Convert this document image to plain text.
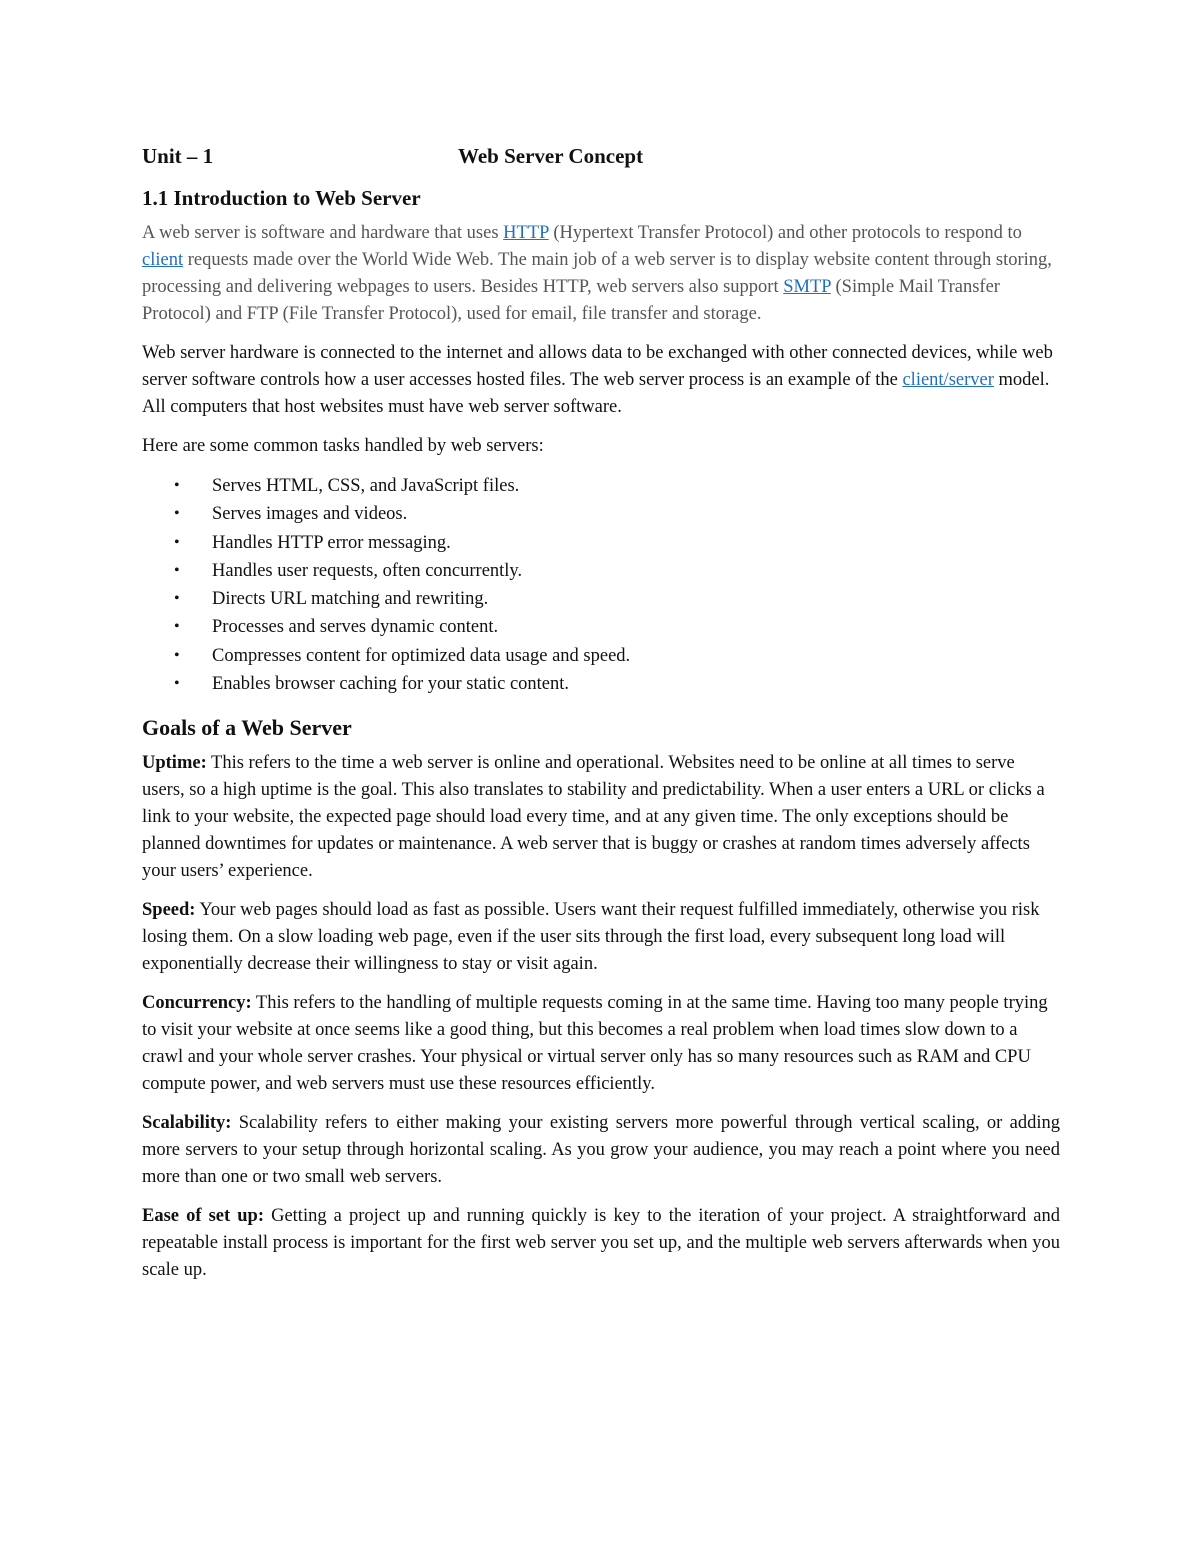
Unit – 1	Web Server Concept
1.1 Introduction to Web Server

A web server is software and hardware that uses HTTP (Hypertext Transfer Protocol) and other protocols to respond to client requests made over the World Wide Web. The main job of a web server is to display website content through storing, processing and delivering webpages to users. Besides HTTP, web servers also support SMTP (Simple Mail Transfer Protocol) and FTP (File Transfer Protocol), used for email, file transfer and storage.

Web server hardware is connected to the internet and allows data to be exchanged with other connected devices, while web server software controls how a user accesses hosted files. The web server process is an example of the client/server model. All computers that host websites must have web server software.

Here are some common tasks handled by web servers:

• Serves HTML, CSS, and JavaScript files.
• Serves images and videos.
• Handles HTTP error messaging.
• Handles user requests, often concurrently.
• Directs URL matching and rewriting.
• Processes and serves dynamic content.
• Compresses content for optimized data usage and speed.
• Enables browser caching for your static content.
Goals of a Web Server

Uptime: This refers to the time a web server is online and operational. Websites need to be online at all times to serve users, so a high uptime is the goal. This also translates to stability and predictability. When a user enters a URL or clicks a link to your website, the expected page should load every time, and at any given time. The only exceptions should be planned downtimes for updates or maintenance. A web server that is buggy or crashes at random times adversely affects your users’ experience.

Speed: Your web pages should load as fast as possible. Users want their request fulfilled immediately, otherwise you risk losing them. On a slow loading web page, even if the user sits through the first load, every subsequent long load will exponentially decrease their willingness to stay or visit again.

Concurrency: This refers to the handling of multiple requests coming in at the same time. Having too many people trying to visit your website at once seems like a good thing, but this becomes a real problem when load times slow down to a crawl and your whole server crashes. Your physical or virtual server only has so many resources such as RAM and CPU compute power, and web servers must use these resources efficiently.

Scalability: Scalability refers to either making your existing servers more powerful through vertical scaling, or adding more servers to your setup through horizontal scaling. As you grow your audience, you may reach a point where you need more than one or two small web servers.

Ease of set up: Getting a project up and running quickly is key to the iteration of your project. A straightforward and repeatable install process is important for the first web server you set up, and the multiple web servers afterwards when you scale up.
